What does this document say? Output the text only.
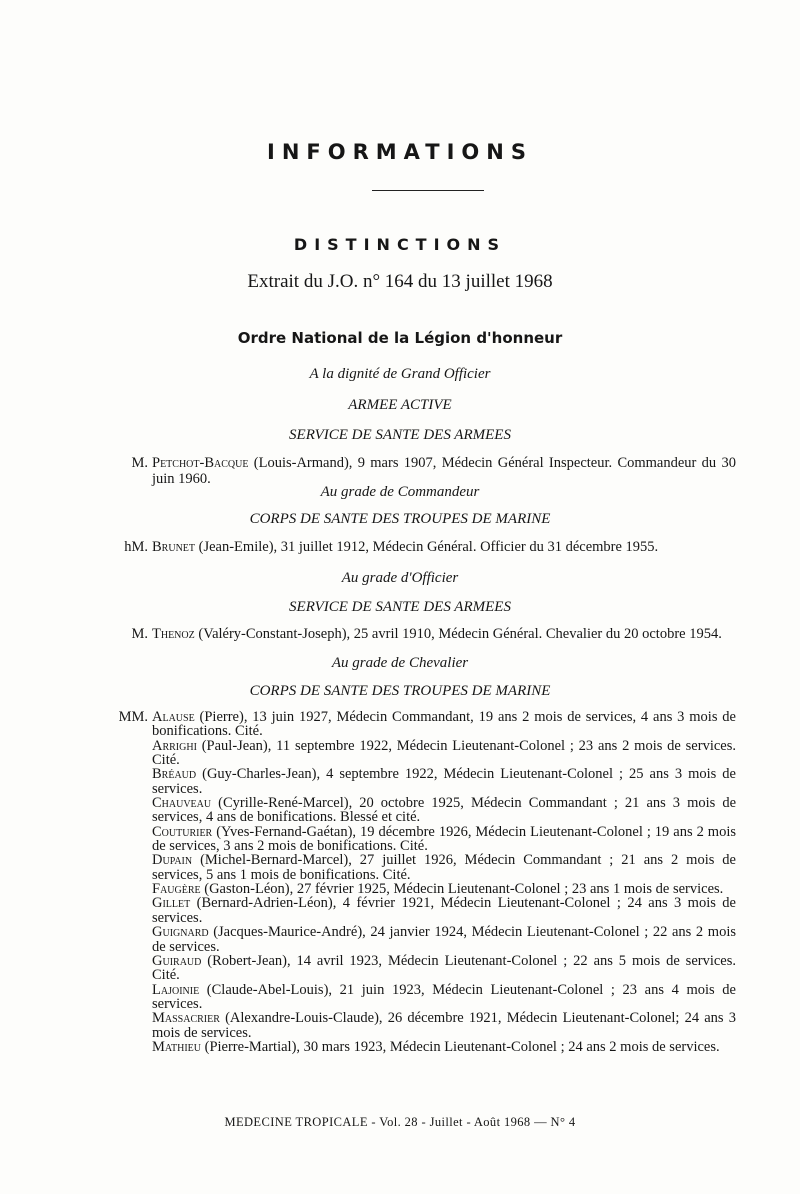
INFORMATIONS
DISTINCTIONS
Extrait du J.O. n° 164 du 13 juillet 1968
Ordre National de la Légion d'honneur
A la dignité de Grand Officier
ARMEE ACTIVE
SERVICE DE SANTE DES ARMEES
M. Petchot-Bacque (Louis-Armand), 9 mars 1907, Médecin Général Inspecteur. Commandeur du 30 juin 1960.
Au grade de Commandeur
CORPS DE SANTE DES TROUPES DE MARINE
hM. Brunet (Jean-Emile), 31 juillet 1912, Médecin Général. Officier du 31 décembre 1955.
Au grade d'Officier
SERVICE DE SANTE DES ARMEES
M. Thenoz (Valéry-Constant-Joseph), 25 avril 1910, Médecin Général. Chevalier du 20 octobre 1954.
Au grade de Chevalier
CORPS DE SANTE DES TROUPES DE MARINE
MM. Alause (Pierre), 13 juin 1927, Médecin Commandant, 19 ans 2 mois de services, 4 ans 3 mois de bonifications. Cité.
Arrighi (Paul-Jean), 11 septembre 1922, Médecin Lieutenant-Colonel ; 23 ans 2 mois de services. Cité.
Bréaud (Guy-Charles-Jean), 4 septembre 1922, Médecin Lieutenant-Colonel ; 25 ans 3 mois de services.
Chauveau (Cyrille-René-Marcel), 20 octobre 1925, Médecin Commandant ; 21 ans 3 mois de services, 4 ans de bonifications. Blessé et cité.
Couturier (Yves-Fernand-Gaétan), 19 décembre 1926, Médecin Lieutenant-Colonel ; 19 ans 2 mois de services, 3 ans 2 mois de bonifications. Cité.
Dupain (Michel-Bernard-Marcel), 27 juillet 1926, Médecin Commandant ; 21 ans 2 mois de services, 5 ans 1 mois de bonifications. Cité.
Faugère (Gaston-Léon), 27 février 1925, Médecin Lieutenant-Colonel ; 23 ans 1 mois de services.
Gillet (Bernard-Adrien-Léon), 4 février 1921, Médecin Lieutenant-Colonel ; 24 ans 3 mois de services.
Guignard (Jacques-Maurice-André), 24 janvier 1924, Médecin Lieutenant-Colonel ; 22 ans 2 mois de services.
Guiraud (Robert-Jean), 14 avril 1923, Médecin Lieutenant-Colonel ; 22 ans 5 mois de services. Cité.
Lajoinie (Claude-Abel-Louis), 21 juin 1923, Médecin Lieutenant-Colonel ; 23 ans 4 mois de services.
Massacrier (Alexandre-Louis-Claude), 26 décembre 1921, Médecin Lieutenant-Colonel; 24 ans 3 mois de services.
Mathieu (Pierre-Martial), 30 mars 1923, Médecin Lieutenant-Colonel ; 24 ans 2 mois de services.
MEDECINE TROPICALE - Vol. 28 - Juillet - Août 1968 — N° 4
